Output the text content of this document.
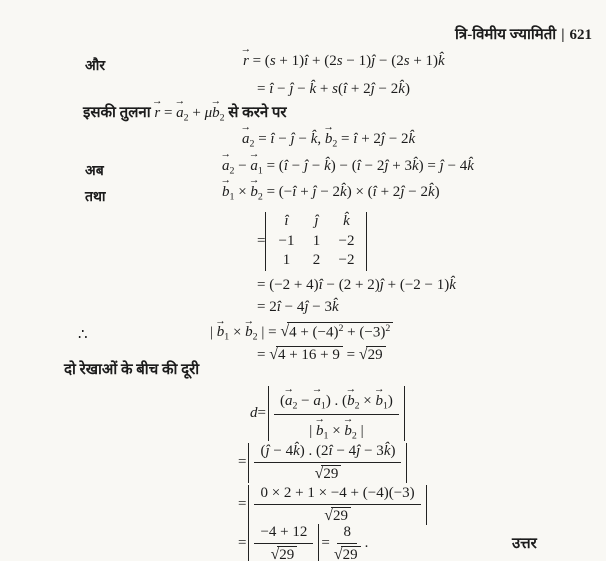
त्रि-विमीय ज्यामिती | 621
उत्तर
और
→
r = (s + 1)î + (2s − 1)ĵ − (2s + 1)k̂
= î − ĵ − k̂ + s(î + 2ĵ − 2k̂)
इसकी तुलना
→
r =
→
$a_2 + \mu$
→
$b_2$ से करने पर
→
$a_2$ = î − ĵ − k̂,
→
$b_2$ = î + 2ĵ − 2k̂
अब
→
$a_2$ −
→
$a_1$ = (î − ĵ − k̂) − (î − 2ĵ + 3k̂) = ĵ − 4k̂
तथा
→
$b_1$ ×
→
$b_2$ = (−î + ĵ − 2k̂) × (î + 2ĵ − 2k̂)
=
î	ĵ	k̂
−1	1	−2
1	2	−2
= (−2 + 4)î − (2 + 2)ĵ + (−2 − 1)k̂
= 2î − 4ĵ − 3k̂
∴	|
→
$b_1$ ×
→
$b_2$ | = $√4 + (-4)^2 + (-3)^2$
= √4 + 16 + 9 = √29
दो रेखाओं के बीच की दूरी
d = (
→
$a_2$ −
→
$a_1$) . (
→
$b_2$ ×
→
$b_1$)
|
→
$b_1$ ×
→
$b_2$ |
= $\frac{(ĵ - 4k̂) . (2î - 4ĵ - 3k̂)}{√29}$
= $\frac{0 \times 2 + 1 \times -4 + (-4)(-3)}{√29}$
= $\frac{-4 + 12}{√29} = \frac{8}{√29}$ .
